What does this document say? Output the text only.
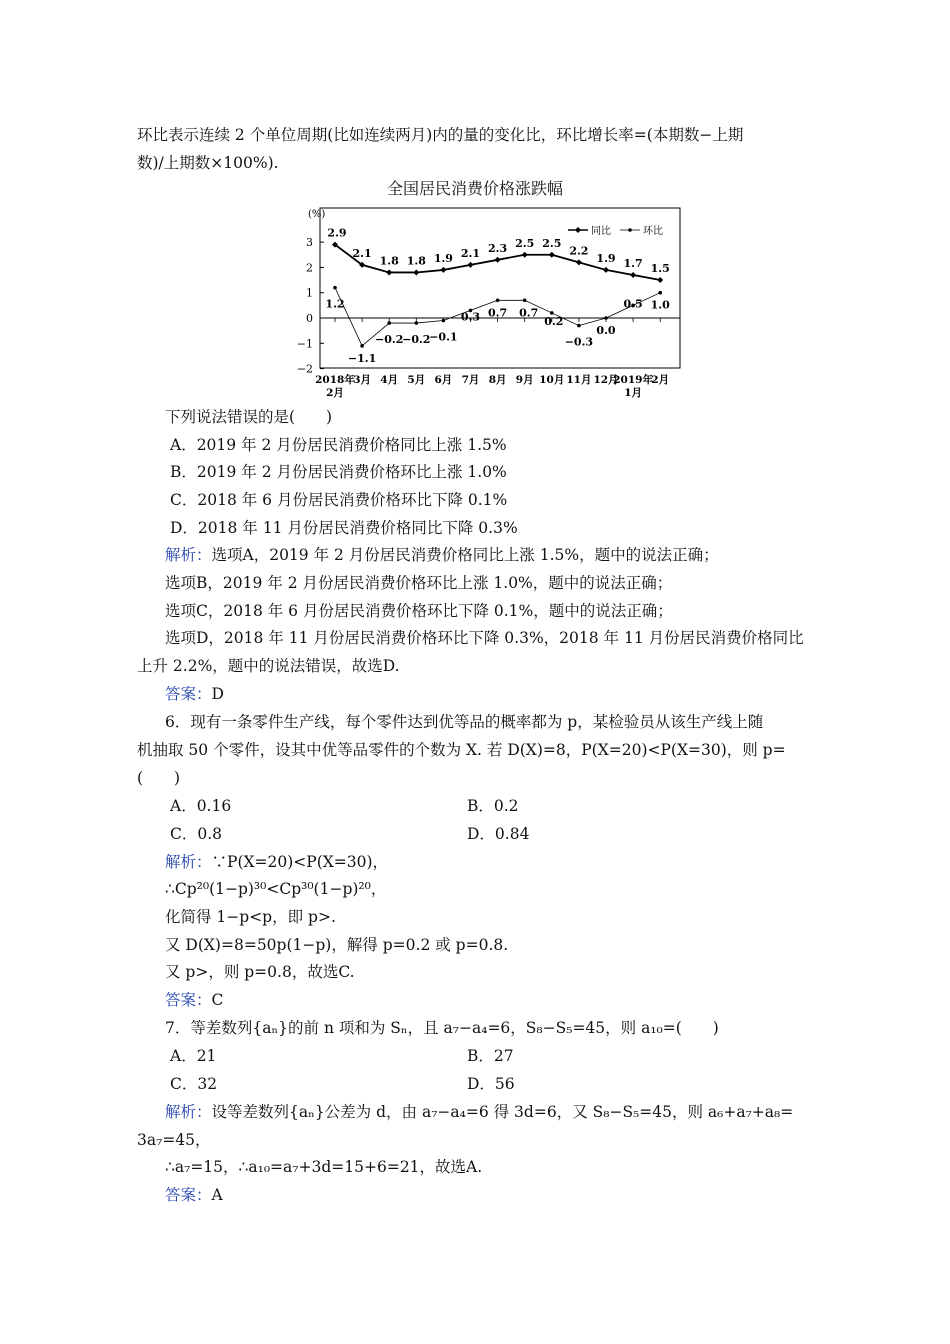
环比表示连续 2 个单位周期(比如连续两月)内的量的变化比，环比增长率=(本期数−上期
数)/上期数×100%).
全国居民消费价格涨跌幅
(%)
3
2
1
0
−1
−2
同比	环比
2.9
2.1
1.8 1.8 1.9 2.1 2.3 2.5 2.5
2.2
1.9 1.7 1.5
1.2
−1.1
−0.2
−0.2
−0.1
0.3 0.7 0.7
0.2
−0.3
0.0
0.5 1.0
2018年
2月
3月 4月 5月 6月 7月 8月 9月 10月 11月 12月
2019年
1月
2月
下列说法错误的是(　　)
A．2019 年 2 月份居民消费价格同比上涨 1.5%
B．2019 年 2 月份居民消费价格环比上涨 1.0%
C．2018 年 6 月份居民消费价格环比下降 0.1%
D．2018 年 11 月份居民消费价格同比下降 0.3%
解析：选项A，2019 年 2 月份居民消费价格同比上涨 1.5%，题中的说法正确；
选项B，2019 年 2 月份居民消费价格环比上涨 1.0%，题中的说法正确；
选项C，2018 年 6 月份居民消费价格环比下降 0.1%，题中的说法正确；
选项D，2018 年 11 月份居民消费价格环比下降 0.3%，2018 年 11 月份居民消费价格同比
上升 2.2%，题中的说法错误，故选D.
答案：D
6．现有一条零件生产线，每个零件达到优等品的概率都为 p，某检验员从该生产线上随
机抽取 50 个零件，设其中优等品零件的个数为 X. 若 D(X)=8，P(X=20)<P(X=30)，则 p=
(　　)
A．0.16	B．0.2
C．0.8	D．0.84
解析：∵P(X=20)<P(X=30)，
∴Cp²⁰(1−p)³⁰<Cp³⁰(1−p)²⁰，
化简得 1−p<p，即 p>.
又 D(X)=8=50p(1−p)，解得 p=0.2 或 p=0.8.
又 p>，则 p=0.8，故选C.
答案：C
7．等差数列{aₙ}的前 n 项和为 Sₙ，且 a₇−a₄=6，S₈−S₅=45，则 a₁₀=(　　)
A．21	B．27
C．32	D．56
解析：设等差数列{aₙ}公差为 d，由 a₇−a₄=6 得 3d=6，又 S₈−S₅=45，则 a₆+a₇+a₈=
3a₇=45，
∴a₇=15，∴a₁₀=a₇+3d=15+6=21，故选A.
答案：A
